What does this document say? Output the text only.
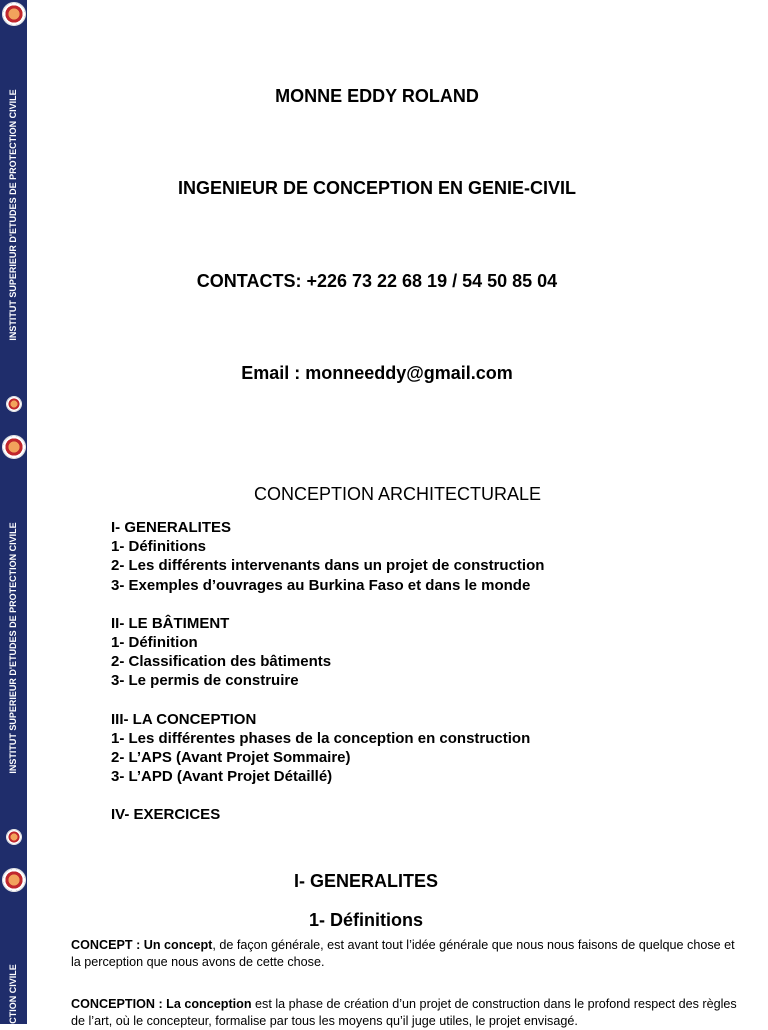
INSTITUT SUPERIEUR D'ETUDES DE PROTECTION CIVILE
INSTITUT SUPERIEUR D'ETUDES DE PROTECTION CIVILE
CTION CIVILE
MONNE EDDY ROLAND
INGENIEUR DE CONCEPTION EN GENIE-CIVIL
CONTACTS: +226 73 22 68 19 / 54 50 85 04
Email : monneeddy@gmail.com
CONCEPTION ARCHITECTURALE
I- GENERALITES
1- Définitions
2- Les différents intervenants dans un projet de construction
3- Exemples d’ouvrages au Burkina Faso et dans le monde
II- LE BÂTIMENT
1- Définition
2- Classification des bâtiments
3- Le permis de construire
III- LA CONCEPTION
1- Les différentes phases de la conception en construction
2- L’APS (Avant Projet Sommaire)
3- L’APD (Avant Projet Détaillé)
IV- EXERCICES
I- GENERALITES
1- Définitions
CONCEPT : Un concept, de façon générale, est avant tout l’idée générale que nous nous faisons de quelque chose et la perception que nous avons de cette chose.
CONCEPTION : La conception est la phase de création d’un projet de construction dans le profond respect des règles de l’art, où le concepteur, formalise par tous les moyens qu’il juge utiles, le projet envisagé.
